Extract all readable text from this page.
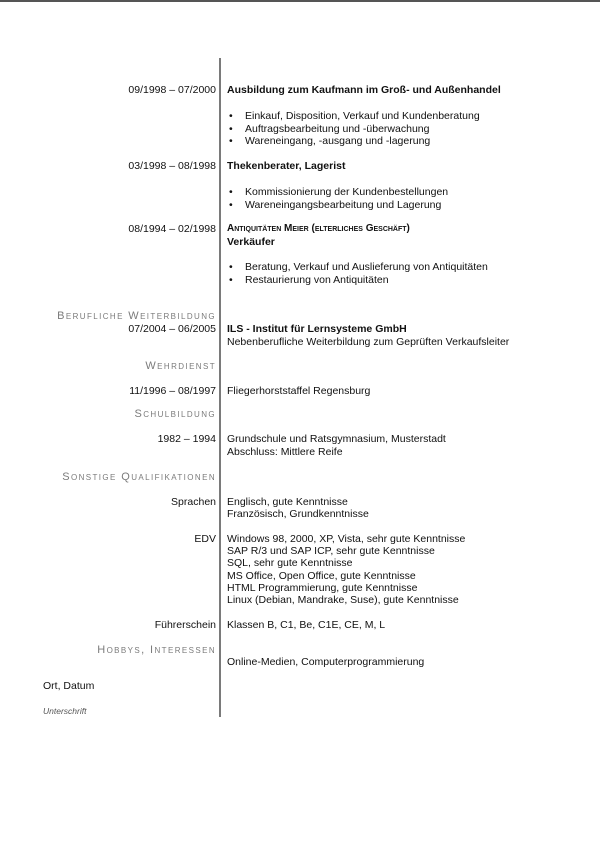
09/1998 – 07/2000 Ausbildung zum Kaufmann im Groß- und Außenhandel
• Einkauf, Disposition, Verkauf und Kundenberatung
• Auftragsbearbeitung und -überwachung
• Wareneingang, -ausgang und -lagerung
03/1998 – 08/1998 Thekenberater, Lagerist
• Kommissionierung der Kundenbestellungen
• Wareneingangsbearbeitung und Lagerung
08/1994 – 02/1998 Antiquitäten Meier (elterliches Geschäft)
Verkäufer
• Beratung, Verkauf und Auslieferung von Antiquitäten
• Restaurierung von Antiquitäten
Berufliche Weiterbildung
07/2004 – 06/2005 ILS - Institut für Lernsysteme GmbH
Nebenberufliche Weiterbildung zum Geprüften Verkaufsleiter
Wehrdienst
11/1996 – 08/1997 Fliegerhorststaffel Regensburg
Schulbildung
1982 – 1994 Grundschule und Ratsgymnasium, Musterstadt
Abschluss: Mittlere Reife
Sonstige Qualifikationen
Sprachen Englisch, gute Kenntnisse
Französisch, Grundkenntnisse
EDV Windows 98, 2000, XP, Vista, sehr gute Kenntnisse
SAP R/3 und SAP ICP, sehr gute Kenntnisse
SQL, sehr gute Kenntnisse
MS Office, Open Office, gute Kenntnisse
HTML Programmierung, gute Kenntnisse
Linux (Debian, Mandrake, Suse), gute Kenntnisse
Führerschein Klassen B, C1, Be, C1E, CE, M, L
Hobbys, Interessen
Online-Medien, Computerprogrammierung
Ort, Datum
Unterschrift
